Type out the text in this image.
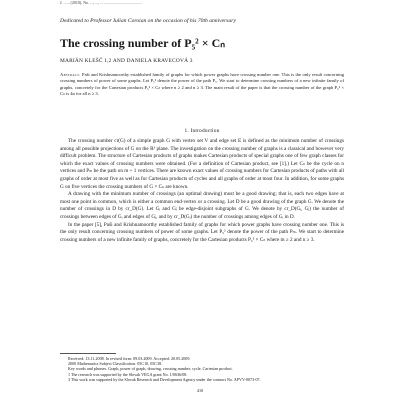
J. ...... (2010), No. ..., ..., ... ......................................
Dedicated to Professor Iulian Coroian on the occasion of his 70th anniversary
The crossing number of P₅² × Cₙ
MARIÁN KLEŠČ 1,2 AND DANIELA KRAVECOVÁ 3
Abstract. Paši and Krishnamoorthy established family of graphs for which power graphs have crossing number one. This is the only result concerning crossing numbers of power of some graphs. Let P₅² denote the power of the path P₅. We start to determine crossing numbers of a new infinite family of graphs, concretely for the Cartesian products P₅² × Cₙ where n ≥ 2 and n ≥ 3. The main result of the paper is that the crossing number of the graph P₅² × Cₙ is 4n for all n ≥ 3.
1. Introduction

The crossing number cr(G) of a simple graph G with vertex set V and edge set E is defined as the minimum number of crossings among all possible projections of G on the R² plane. The investigation on the crossing number of graphs is a classical and however very difficult problem. The structure of Cartesian products of graphs makes Cartesian products of special graphs one of few graph classes for which the exact values of crossing numbers were obtained. (For a definition of Cartesian product, see [1].) Let Cₙ be the cycle on n vertices and Pₘ be the path on m + 1 vertices. There are known exact values of crossing numbers for Cartesian products of paths with all graphs of order at most five as well as for Cartesian products of cycles and all graphs of order at most four. In addition, for some graphs G on five vertices the crossing numbers of G × Cₙ are known.

A drawing with the minimum number of crossings (an optimal drawing) must be a good drawing; that is, each two edges have at most one point in common, which is either a common end-vertex or a crossing. Let D be a good drawing of the graph G. We denote the number of crossings in D by cr_D(G). Let Gᵢ and Gⱼ be edge-disjoint subgraphs of G. We denote by cr_D(Gᵢ, Gⱼ) the number of crossings between edges of Gᵢ and edges of Gⱼ, and by cr_D(Gᵢ) the number of crossings among edges of Gᵢ in D.

In the paper [5], Paši and Krishnamoorthy established family of graphs for which power graphs have crossing number one. This is the only result concerning crossing numbers of power of some graphs. Let P₅² denote the power of the path Pₘ. We start to determine crossing numbers of a new infinite family of graphs, concretely for the Cartesian products P₅² × Cₙ where m ≥ 2 and n ≥ 3.

Received: 13.11.2008. In revised form: 09.03.2009. Accepted: 20.05.2009.
2000 Mathematics Subject Classification. 05C10, 05C38.
Key words and phrases. Graph, power of graph, drawing, crossing number, cycle, Cartesian product.
1 The research was supported by the Slovak VEGA grant No. 1/0636/08.
3 This work was supported by the Slovak Research and Development Agency under the contract No. APVV-0073-07.
410
